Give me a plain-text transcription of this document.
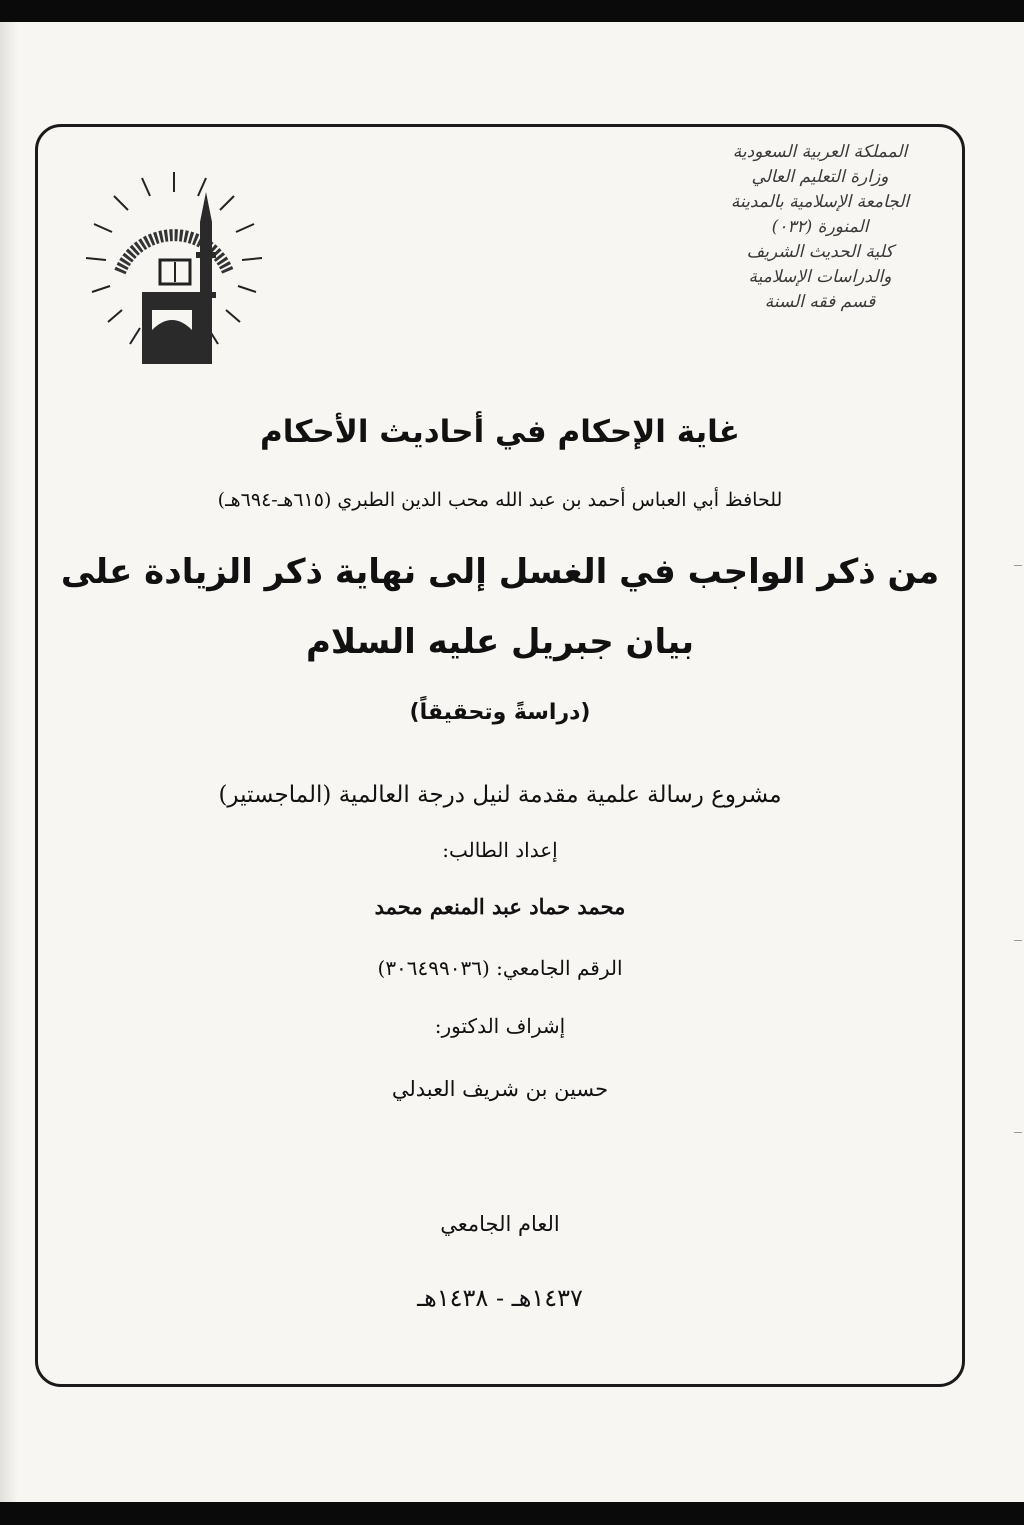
المملكة العربية السعودية
وزارة التعليم العالي
الجامعة الإسلامية بالمدينة
المنورة (٠٣٢)
كلية الحديث الشريف
والدراسات الإسلامية
قسم فقه السنة
غاية الإحكام في أحاديث الأحكام
للحافظ أبي العباس أحمد بن عبد الله محب الدين الطبري (٦١٥هـ-٦٩٤هـ)
من ذكر الواجب في الغسل إلى نهاية ذكر الزيادة على
بيان جبريل عليه السلام
(دراسةً وتحقيقاً)
مشروع رسالة علمية مقدمة لنيل درجة العالمية (الماجستير)
إعداد الطالب:
محمد حماد عبد المنعم محمد
الرقم الجامعي: (٣٠٦٤٩٩٠٣٦)
إشراف الدكتور:
حسين بن شريف العبدلي
العام الجامعي
١٤٣٧هـ - ١٤٣٨هـ
